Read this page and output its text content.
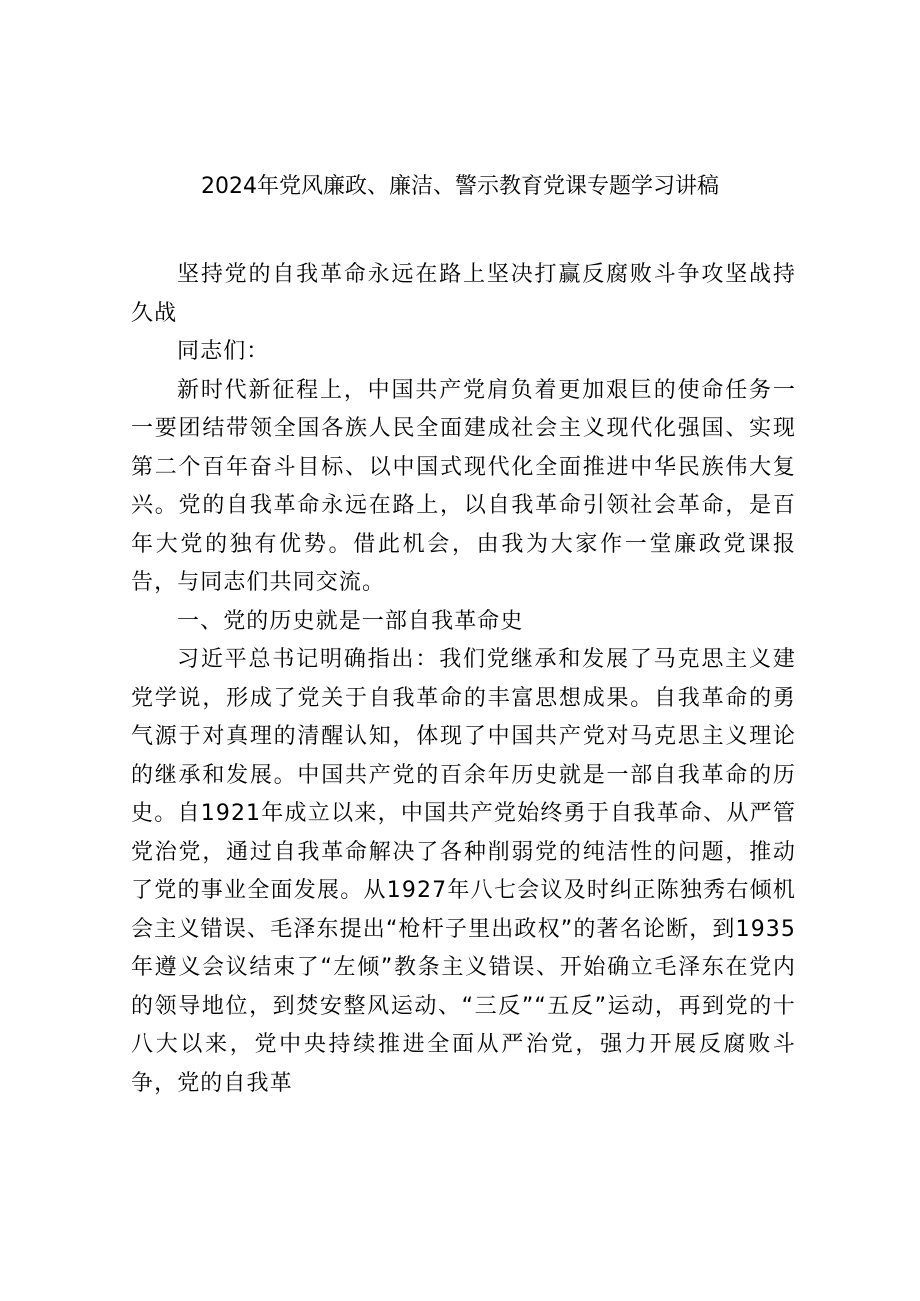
2024年党风廉政、廉洁、警示教育党课专题学习讲稿

坚持党的自我革命永远在路上坚决打赢反腐败斗争攻坚战持久战

同志们：

新时代新征程上，中国共产党肩负着更加艰巨的使命任务一一要团结带领全国各族人民全面建成社会主义现代化强国、实现第二个百年奋斗目标、以中国式现代化全面推进中华民族伟大复兴。党的自我革命永远在路上，以自我革命引领社会革命，是百年大党的独有优势。借此机会，由我为大家作一堂廉政党课报告，与同志们共同交流。

一、党的历史就是一部自我革命史

习近平总书记明确指出：我们党继承和发展了马克思主义建党学说，形成了党关于自我革命的丰富思想成果。自我革命的勇气源于对真理的清醒认知，体现了中国共产党对马克思主义理论的继承和发展。中国共产党的百余年历史就是一部自我革命的历史。自1921年成立以来，中国共产党始终勇于自我革命、从严管党治党，通过自我革命解决了各种削弱党的纯洁性的问题，推动了党的事业全面发展。从1927年八七会议及时纠正陈独秀右倾机会主义错误、毛泽东提出“枪杆子里出政权”的著名论断，到1935年遵义会议结束了“左倾”教条主义错误、开始确立毛泽东在党内的领导地位，到焚安整风运动、“三反”“五反”运动，再到党的十八大以来，党中央持续推进全面从严治党，强力开展反腐败斗争，党的自我革
